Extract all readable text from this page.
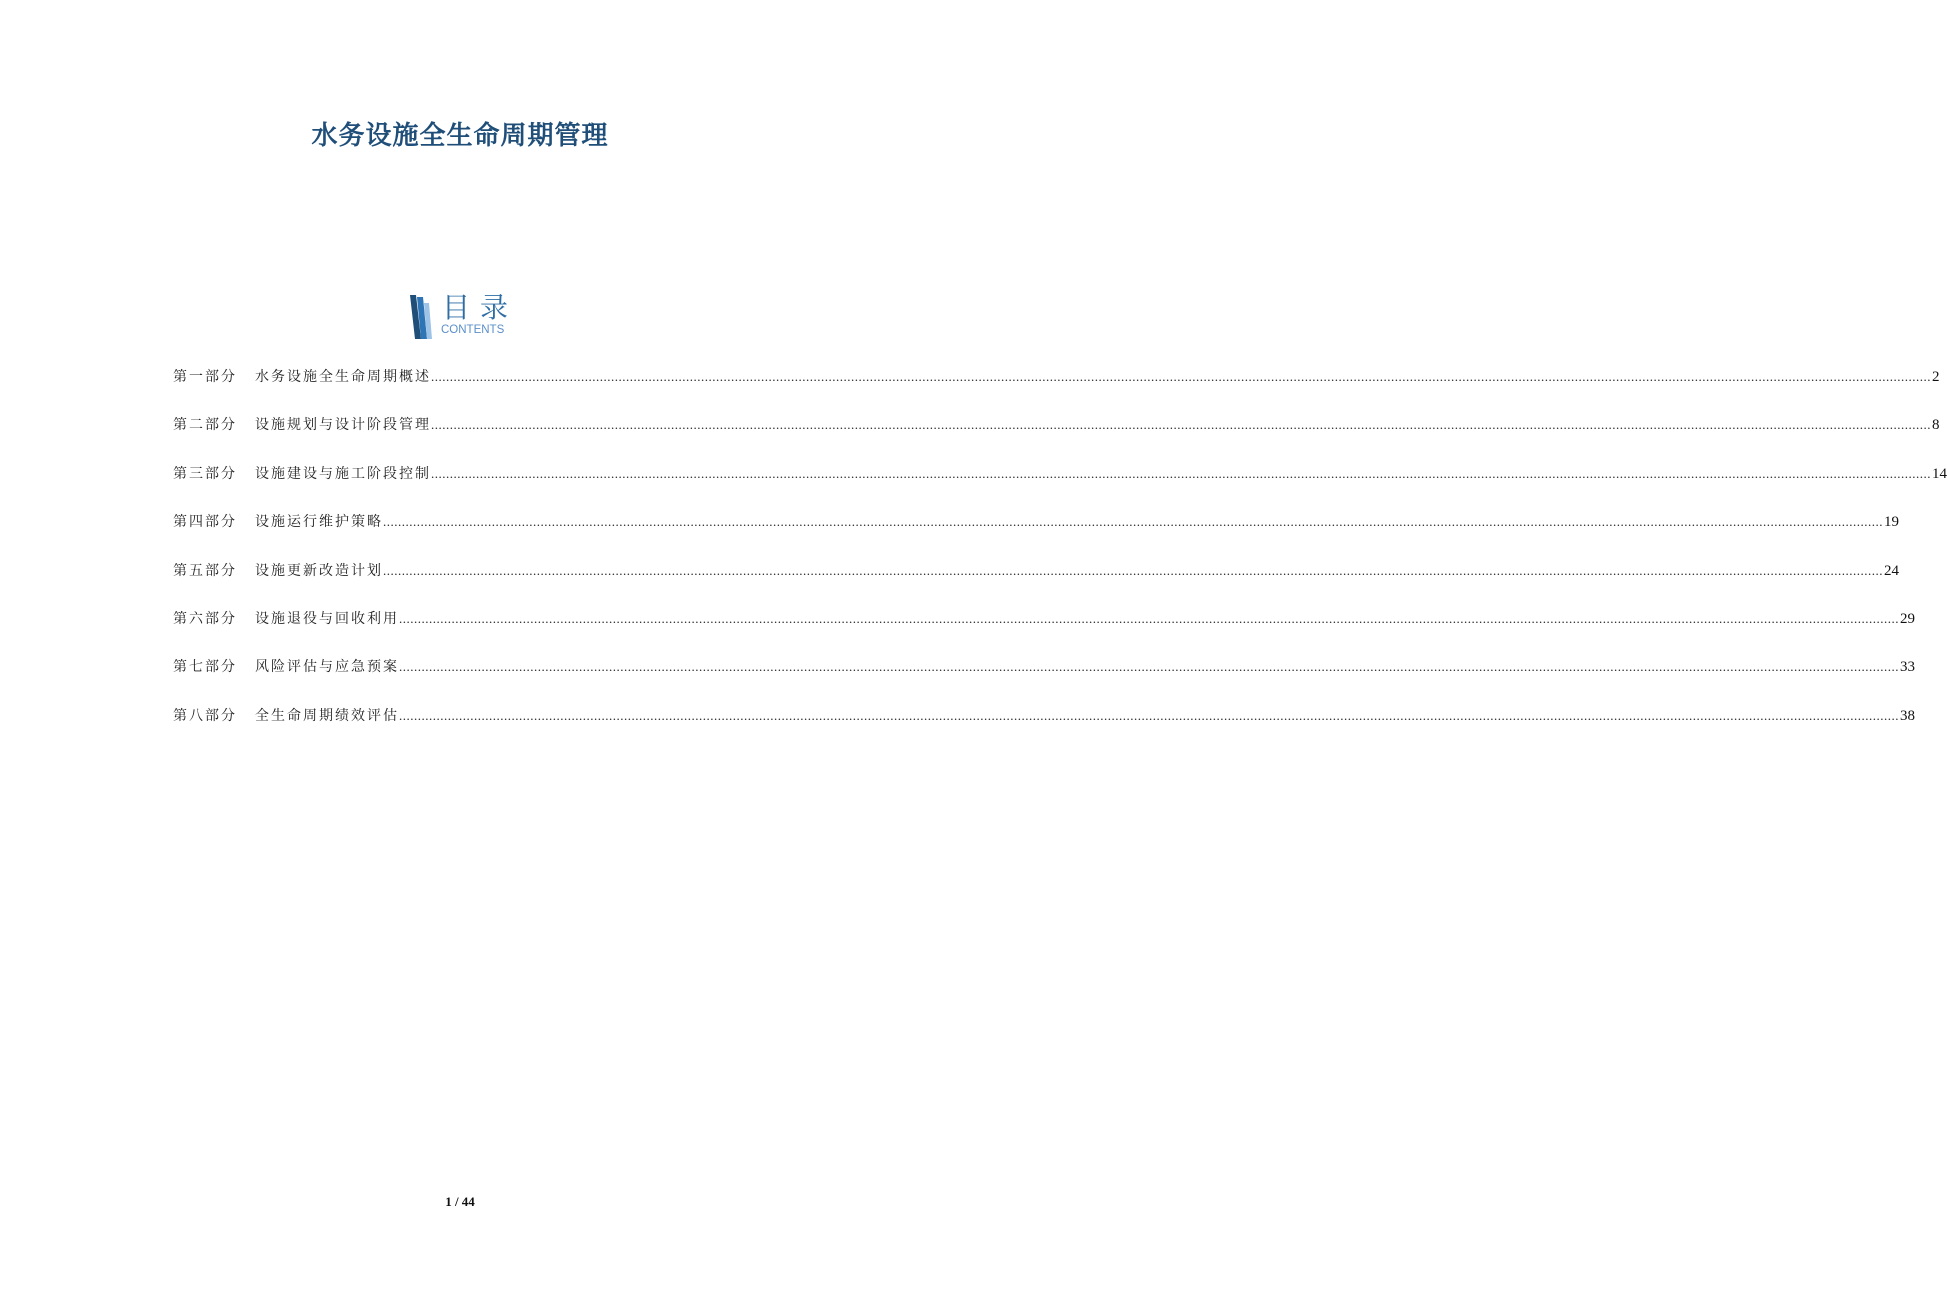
水务设施全生命周期管理
目录
CONTENTS
第一部分	水务设施全生命周期概述 ................................................................................................................................................................................................................................................................................................................................................................................................................ 2
第二部分	设施规划与设计阶段管理 ................................................................................................................................................................................................................................................................................................................................................................................................................ 8
第三部分	设施建设与施工阶段控制 ................................................................................................................................................................................................................................................................................................................................................................................................................ 14
第四部分	设施运行维护策略 ................................................................................................................................................................................................................................................................................................................................................................................................................ 19
第五部分	设施更新改造计划 ................................................................................................................................................................................................................................................................................................................................................................................................................ 24
第六部分	设施退役与回收利用 ................................................................................................................................................................................................................................................................................................................................................................................................................ 29
第七部分	风险评估与应急预案 ................................................................................................................................................................................................................................................................................................................................................................................................................ 33
第八部分	全生命周期绩效评估 ................................................................................................................................................................................................................................................................................................................................................................................................................ 38
1 / 44
